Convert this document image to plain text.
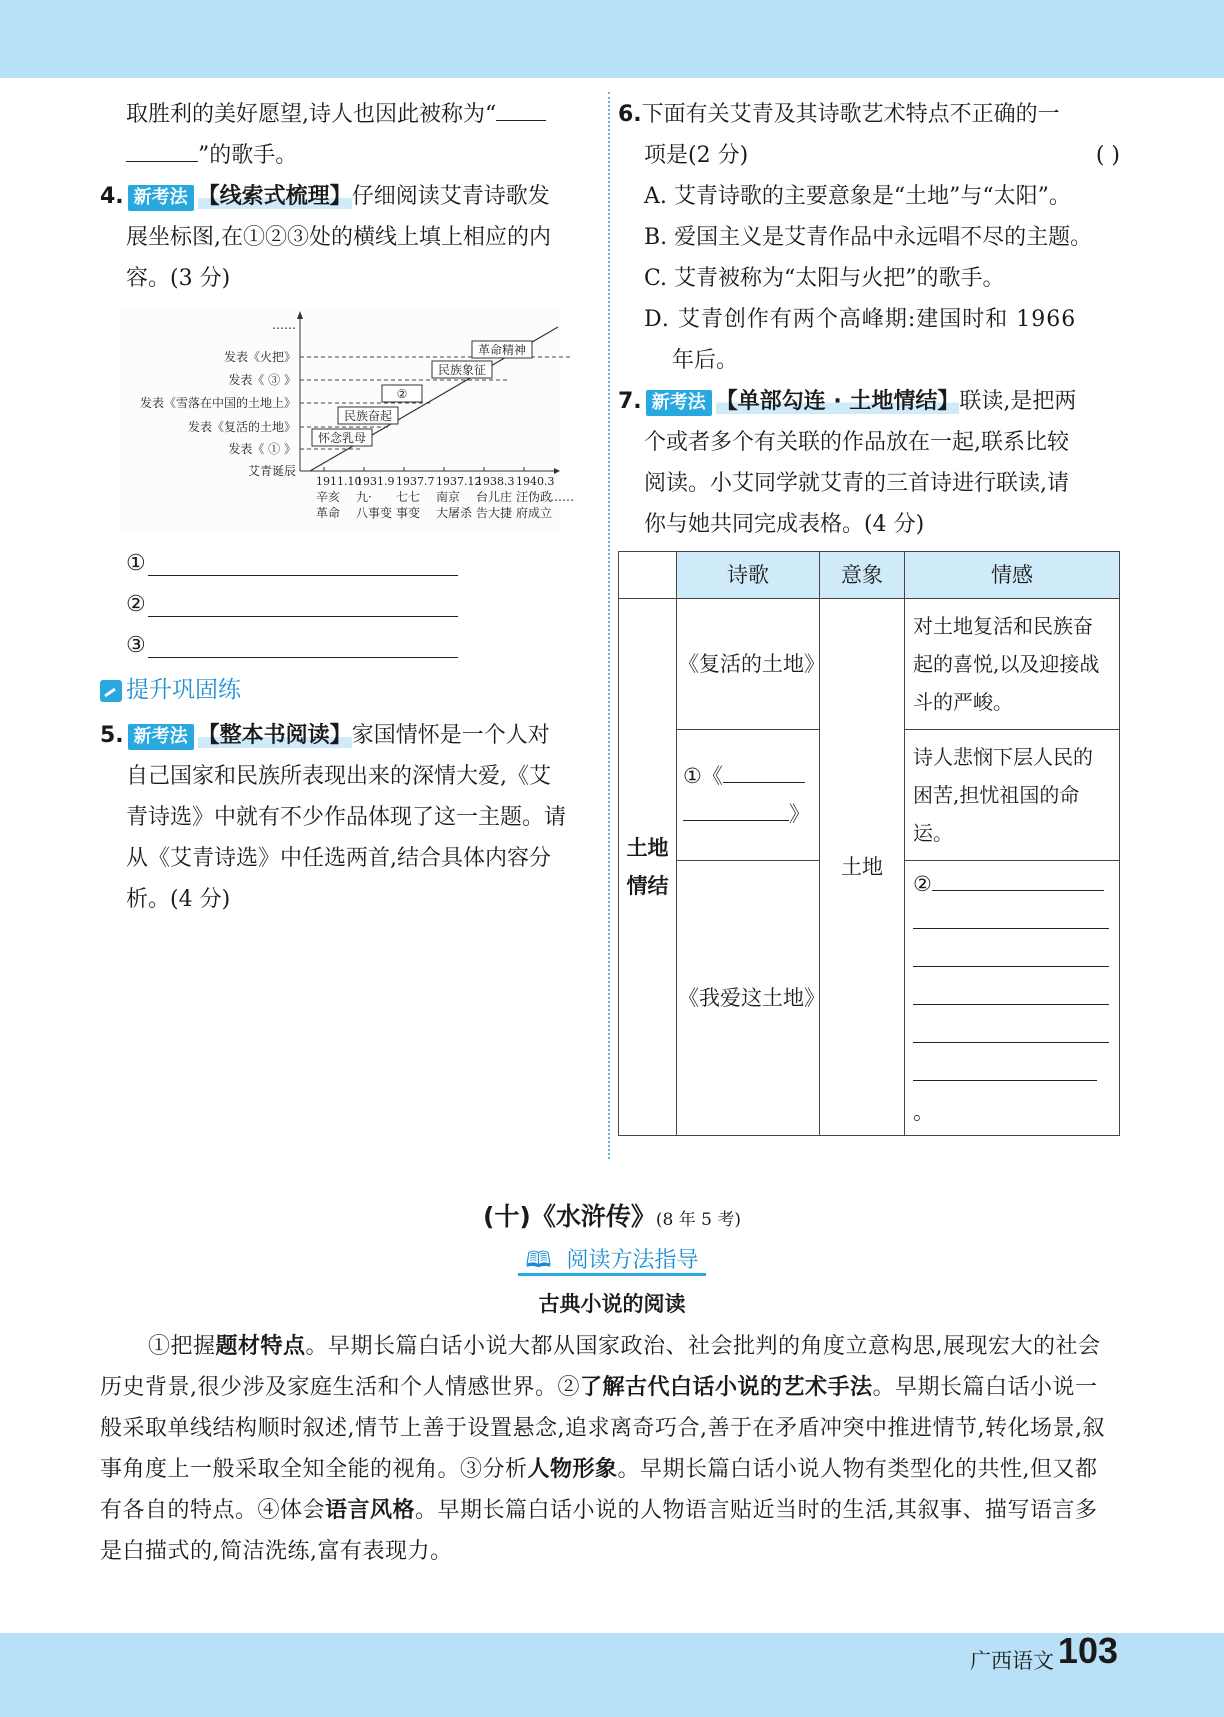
取胜利的美好愿望,诗人也因此被称为“
”的歌手。
4. 新考法 【线索式梳理】仔细阅读艾青诗歌发
展坐标图,在①②③处的横线上填上相应的内
容。(3 分)
……
发表《火把》
发表《 ③ 》
发表《雪落在中国的土地上》
发表《复活的土地》
发表《 ① 》
艾青诞辰
革命精神
民族象征
②
民族奋起
怀念乳母
1911.10
1931.9 1937.7 1937.12
1938.3 1940.3
辛亥 九· 七七 南京 台儿庄 汪伪政
……
革命 八事变 事变 大屠杀 告大捷 府成立
①
②
③
提升巩固练
5. 新考法 【整本书阅读】家国情怀是一个人对
自己国家和民族所表现出来的深情大爱,《艾
青诗选》中就有不少作品体现了这一主题。请
从《艾青诗选》中任选两首,结合具体内容分
析。(4 分)
6.下面有关艾青及其诗歌艺术特点不正确的一
项是(2 分)	( )
A. 艾青诗歌的主要意象是“土地”与“太阳”。
B. 爱国主义是艾青作品中永远唱不尽的主题。
C. 艾青被称为“太阳与火把”的歌手。
D. 艾青创作有两个高峰期:建国时和 1966
年后。
7. 新考法 【单部勾连 · 土地情结】联读,是把两
个或者多个有关联的作品放在一起,联系比较
阅读。小艾同学就艾青的三首诗进行联读,请
你与她共同完成表格。(4 分)
	诗歌	意象	情感

土地
情结	《复活的土地》	土地	对土地复活和民族奋起的喜悦,以及迎接战斗的严峻。

	①《
》		诗人悲悯下层人民的困苦,担忧祖国的命运。
	《我爱这土地》		②
。
(十)《水浒传》(8 年 5 考)
🕮 阅读方法指导
古典小说的阅读
①把握题材特点。早期长篇白话小说大都从国家政治、社会批判的角度立意构思,展现宏大的社会历史背景,很少涉及家庭生活和个人情感世界。②了解古代白话小说的艺术手法。早期长篇白话小说一般采取单线结构顺时叙述,情节上善于设置悬念,追求离奇巧合,善于在矛盾冲突中推进情节,转化场景,叙事角度上一般采取全知全能的视角。③分析人物形象。早期长篇白话小说人物有类型化的共性,但又都有各自的特点。④体会语言风格。早期长篇白话小说的人物语言贴近当时的生活,其叙事、描写语言多是白描式的,简洁洗练,富有表现力。
广西语文 103
